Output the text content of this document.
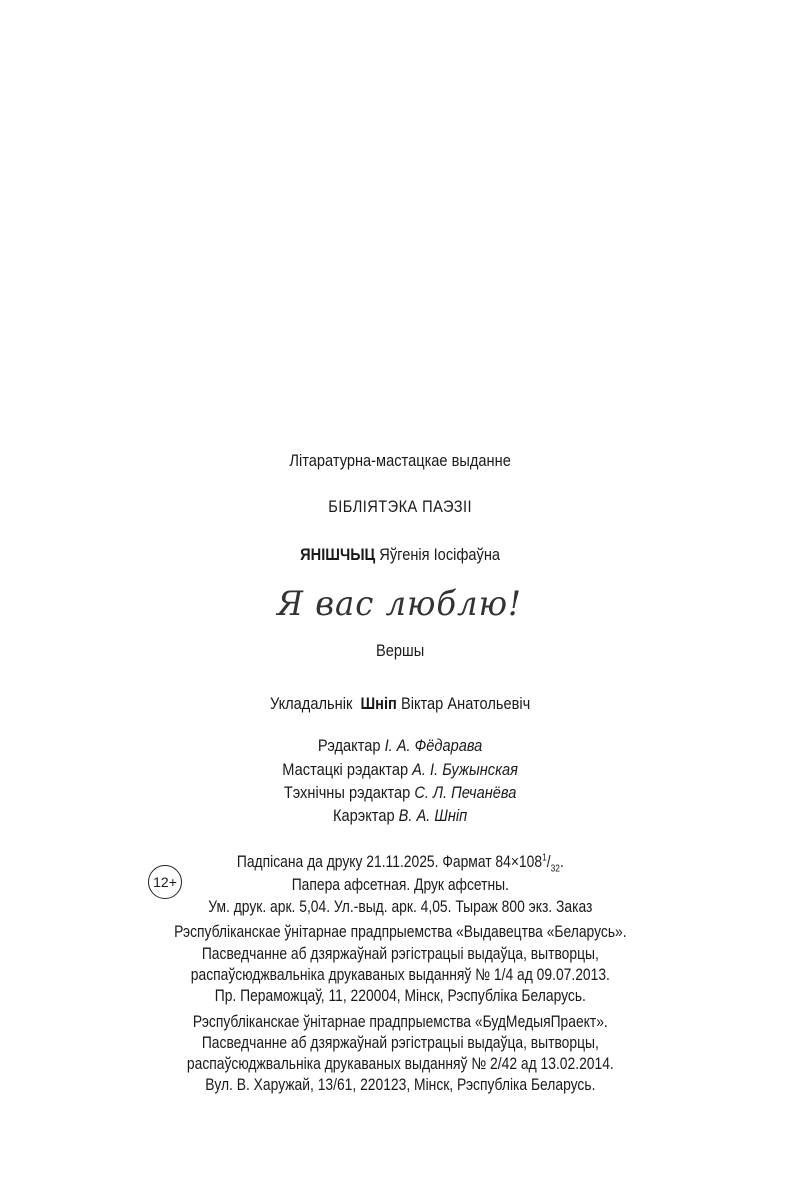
Літаратурна-мастацкае выданне
БІБЛІЯТЭКА ПАЭЗІІ
ЯНІШЧЫЦ Яўгенія Іосіфаўна
Я вас люблю!
Вершы
Укладальнік Шніп Віктар Анатольевіч
Рэдактар І. А. Фёдарава
Мастацкі рэдактар А. І. Бужынская
Тэхнічны рэдактар С. Л. Печанёва
Карэктар В. А. Шніп
12+
Падпісана да друку 21.11.2025. Фармат $84\times 108^1/_{32}$.
Папера афсетная. Друк афсетны.
Ум. друк. арк. 5,04. Ул.-выд. арк. 4,05. Тыраж 800 экз. Заказ
Рэспубліканскае ўнітарнае прадпрыемства «Выдавецтва «Беларусь».
Пасведчанне аб дзяржаўнай рэгістрацыі выдаўца, вытворцы,
распаўсюджвальніка друкаваных выданняў № 1/4 ад 09.07.2013.
Пр. Пераможцаў, 11, 220004, Мінск, Рэспубліка Беларусь.
Рэспубліканскае ўнітарнае прадпрыемства «БудМедыяПраект».
Пасведчанне аб дзяржаўнай рэгістрацыі выдаўца, вытворцы,
распаўсюджвальніка друкаваных выданняў № 2/42 ад 13.02.2014.
Вул. В. Харужай, 13/61, 220123, Мінск, Рэспубліка Беларусь.
